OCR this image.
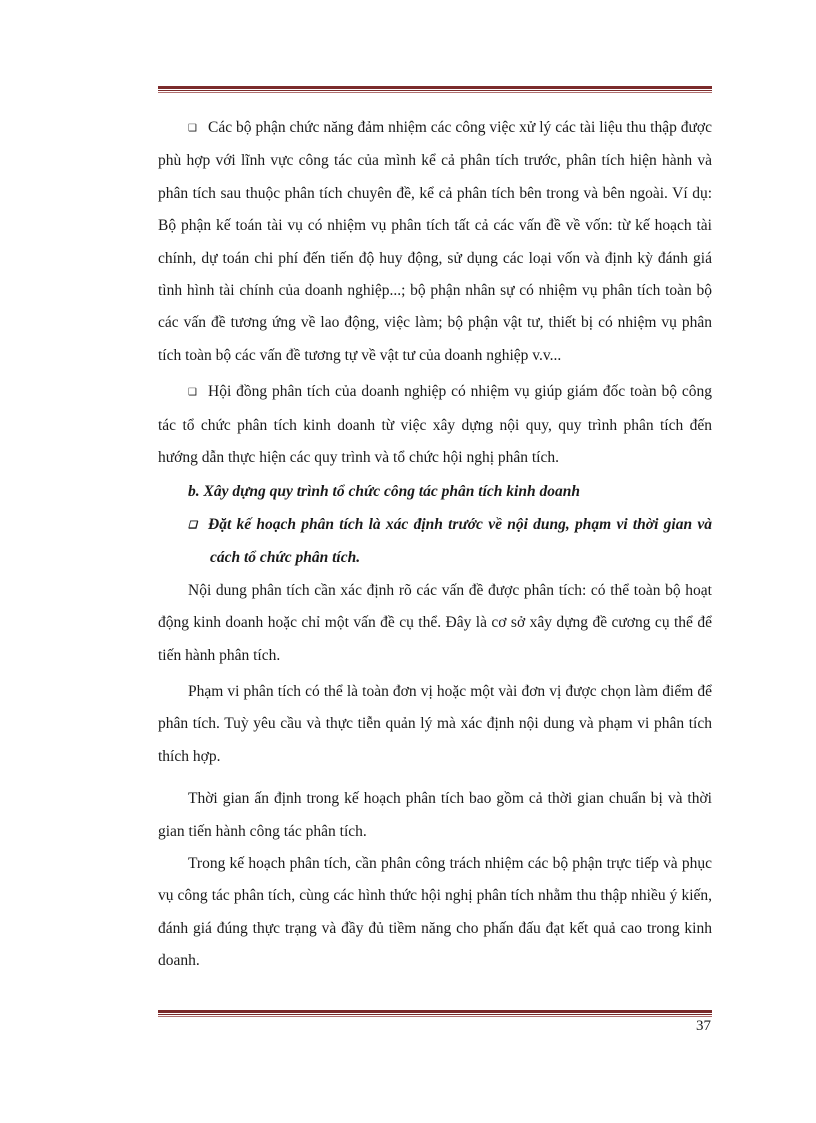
❑ Các bộ phận chức năng đảm nhiệm các công việc xử lý các tài liệu thu thập được phù hợp với lĩnh vực công tác của mình kể cả phân tích trước, phân tích hiện hành và phân tích sau thuộc phân tích chuyên đề, kể cả phân tích bên trong và bên ngoài. Ví dụ: Bộ phận kế toán tài vụ có nhiệm vụ phân tích tất cả các vấn đề về vốn: từ kế hoạch tài chính, dự toán chi phí đến tiến độ huy động, sử dụng các loại vốn và định kỳ đánh giá tình hình tài chính của doanh nghiệp...; bộ phận nhân sự có nhiệm vụ phân tích toàn bộ các vấn đề tương ứng về lao động, việc làm; bộ phận vật tư, thiết bị có nhiệm vụ phân tích toàn bộ các vấn đề tương tự về vật tư của doanh nghiệp v.v...

❑ Hội đồng phân tích của doanh nghiệp có nhiệm vụ giúp giám đốc toàn bộ công tác tổ chức phân tích kinh doanh từ việc xây dựng nội quy, quy trình phân tích đến hướng dẫn thực hiện các quy trình và tổ chức hội nghị phân tích.

b. Xây dựng quy trình tổ chức công tác phân tích kinh doanh

❑ Đặt kế hoạch phân tích là xác định trước về nội dung, phạm vi thời gian và cách tổ chức phân tích.

Nội dung phân tích cần xác định rõ các vấn đề được phân tích: có thể toàn bộ hoạt động kinh doanh hoặc chỉ một vấn đề cụ thể. Đây là cơ sở xây dựng đề cương cụ thể để tiến hành phân tích.

Phạm vi phân tích có thể là toàn đơn vị hoặc một vài đơn vị được chọn làm điểm để phân tích. Tuỳ yêu cầu và thực tiễn quản lý mà xác định nội dung và phạm vi phân tích thích hợp.

Thời gian ấn định trong kế hoạch phân tích bao gồm cả thời gian chuẩn bị và thời gian tiến hành công tác phân tích.

Trong kế hoạch phân tích, cần phân công trách nhiệm các bộ phận trực tiếp và phục vụ công tác phân tích, cùng các hình thức hội nghị phân tích nhằm thu thập nhiều ý kiến, đánh giá đúng thực trạng và đầy đủ tiềm năng cho phấn đấu đạt kết quả cao trong kinh doanh.

37
